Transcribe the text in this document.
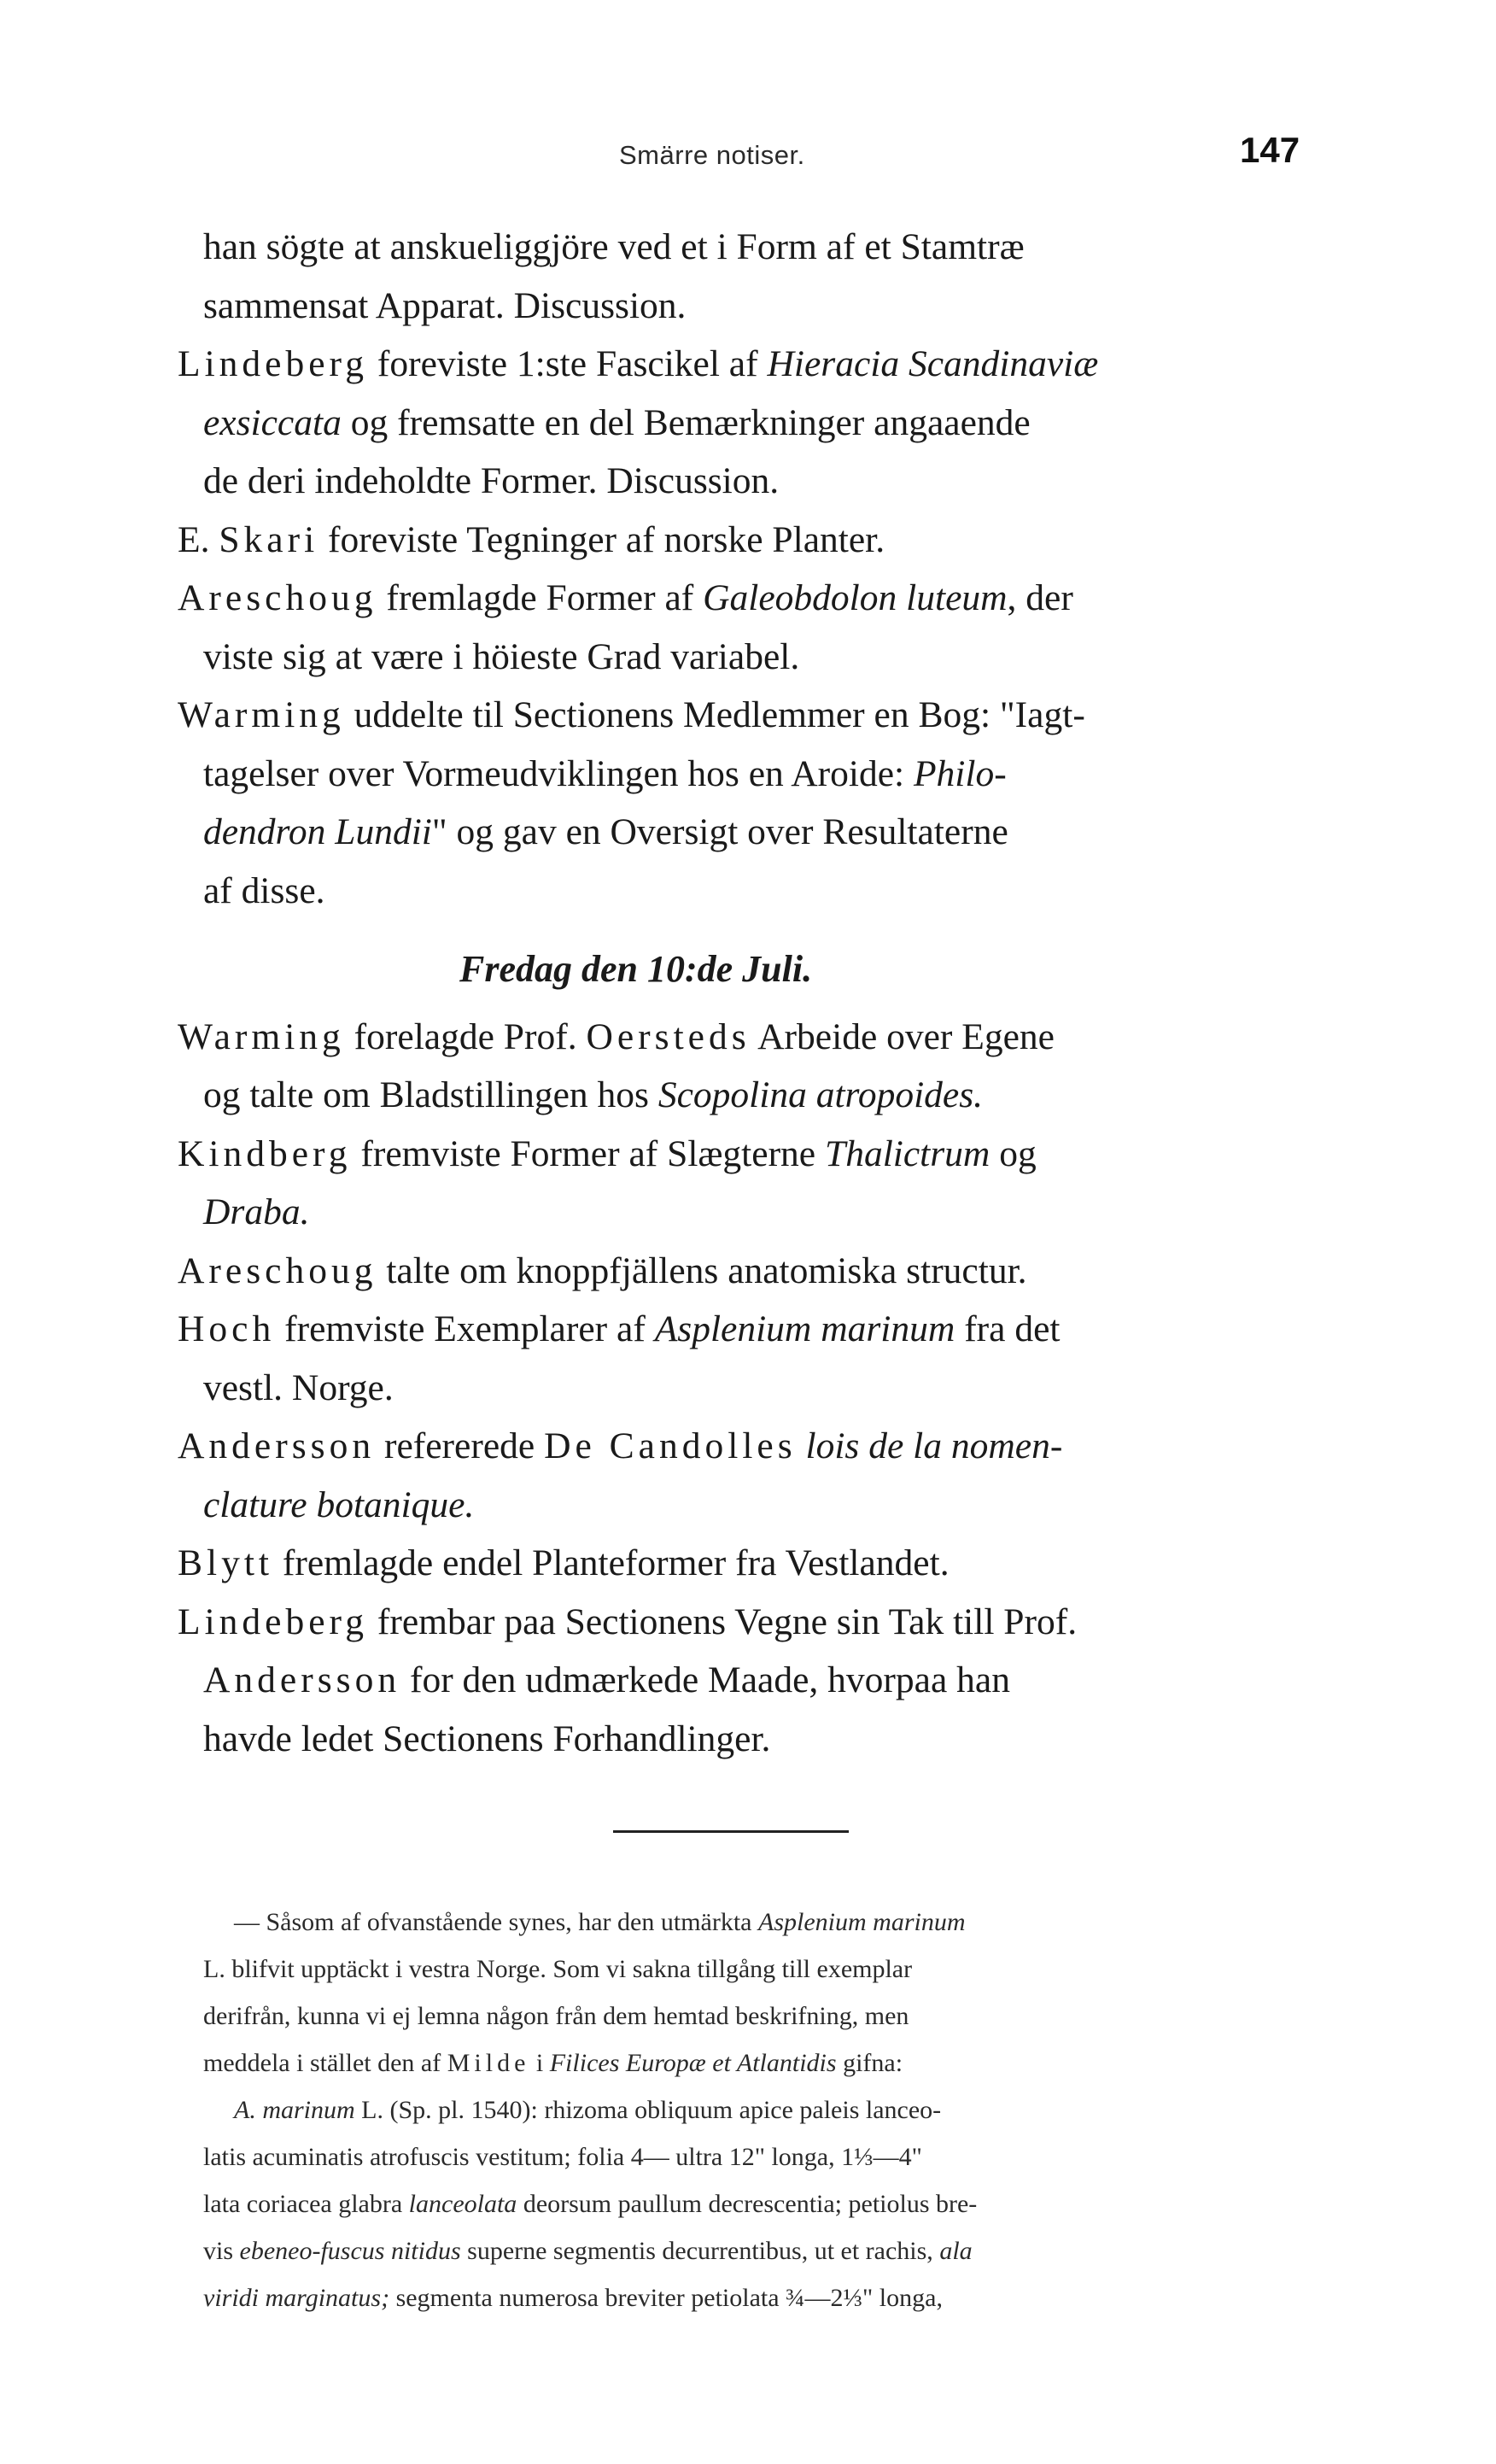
Smärre notiser.	147
han sögte at anskueliggjöre ved et i Form af et Stamtræ
sammensat Apparat. Discussion.
Lindeberg foreviste 1:ste Fascikel af Hieracia Scandinaviæ
exsiccata og fremsatte en del Bemærkninger angaaende
de deri indeholdte Former. Discussion.
E. Skari foreviste Tegninger af norske Planter.
Areschoug fremlagde Former af Galeobdolon luteum, der
viste sig at være i höieste Grad variabel.
Warming uddelte til Sectionens Medlemmer en Bog: "Iagt-
tagelser over Vormeudviklingen hos en Aroide: Philo-
dendron Lundii" og gav en Oversigt over Resultaterne
af disse.
Fredag den 10:de Juli.
Warming forelagde Prof. Oersteds Arbeide over Egene
og talte om Bladstillingen hos Scopolina atropoides.
Kindberg fremviste Former af Slægterne Thalictrum og
Draba.
Areschoug talte om knoppfjällens anatomiska structur.
Hoch fremviste Exemplarer af Asplenium marinum fra det
vestl. Norge.
Andersson refererede De Candolles lois de la nomen-
clature botanique.
Blytt fremlagde endel Planteformer fra Vestlandet.
Lindeberg frembar paa Sectionens Vegne sin Tak till Prof.
Andersson for den udmærkede Maade, hvorpaa han
havde ledet Sectionens Forhandlinger.
— Såsom af ofvanstående synes, har den utmärkta Asplenium marinum
L. blifvit upptäckt i vestra Norge. Som vi sakna tillgång till exemplar
derifrån, kunna vi ej lemna någon från dem hemtad beskrifning, men
meddela i stället den af Milde i Filices Europæ et Atlantidis gifna:
A. marinum L. (Sp. pl. 1540): rhizoma obliquum apice paleis lanceo-
latis acuminatis atrofuscis vestitum; folia 4— ultra 12" longa, 1⅓—4"
lata coriacea glabra lanceolata deorsum paullum decrescentia; petiolus bre-
vis ebeneo-fuscus nitidus superne segmentis decurrentibus, ut et rachis, ala
viridi marginatus; segmenta numerosa breviter petiolata ¾—2⅓" longa,
